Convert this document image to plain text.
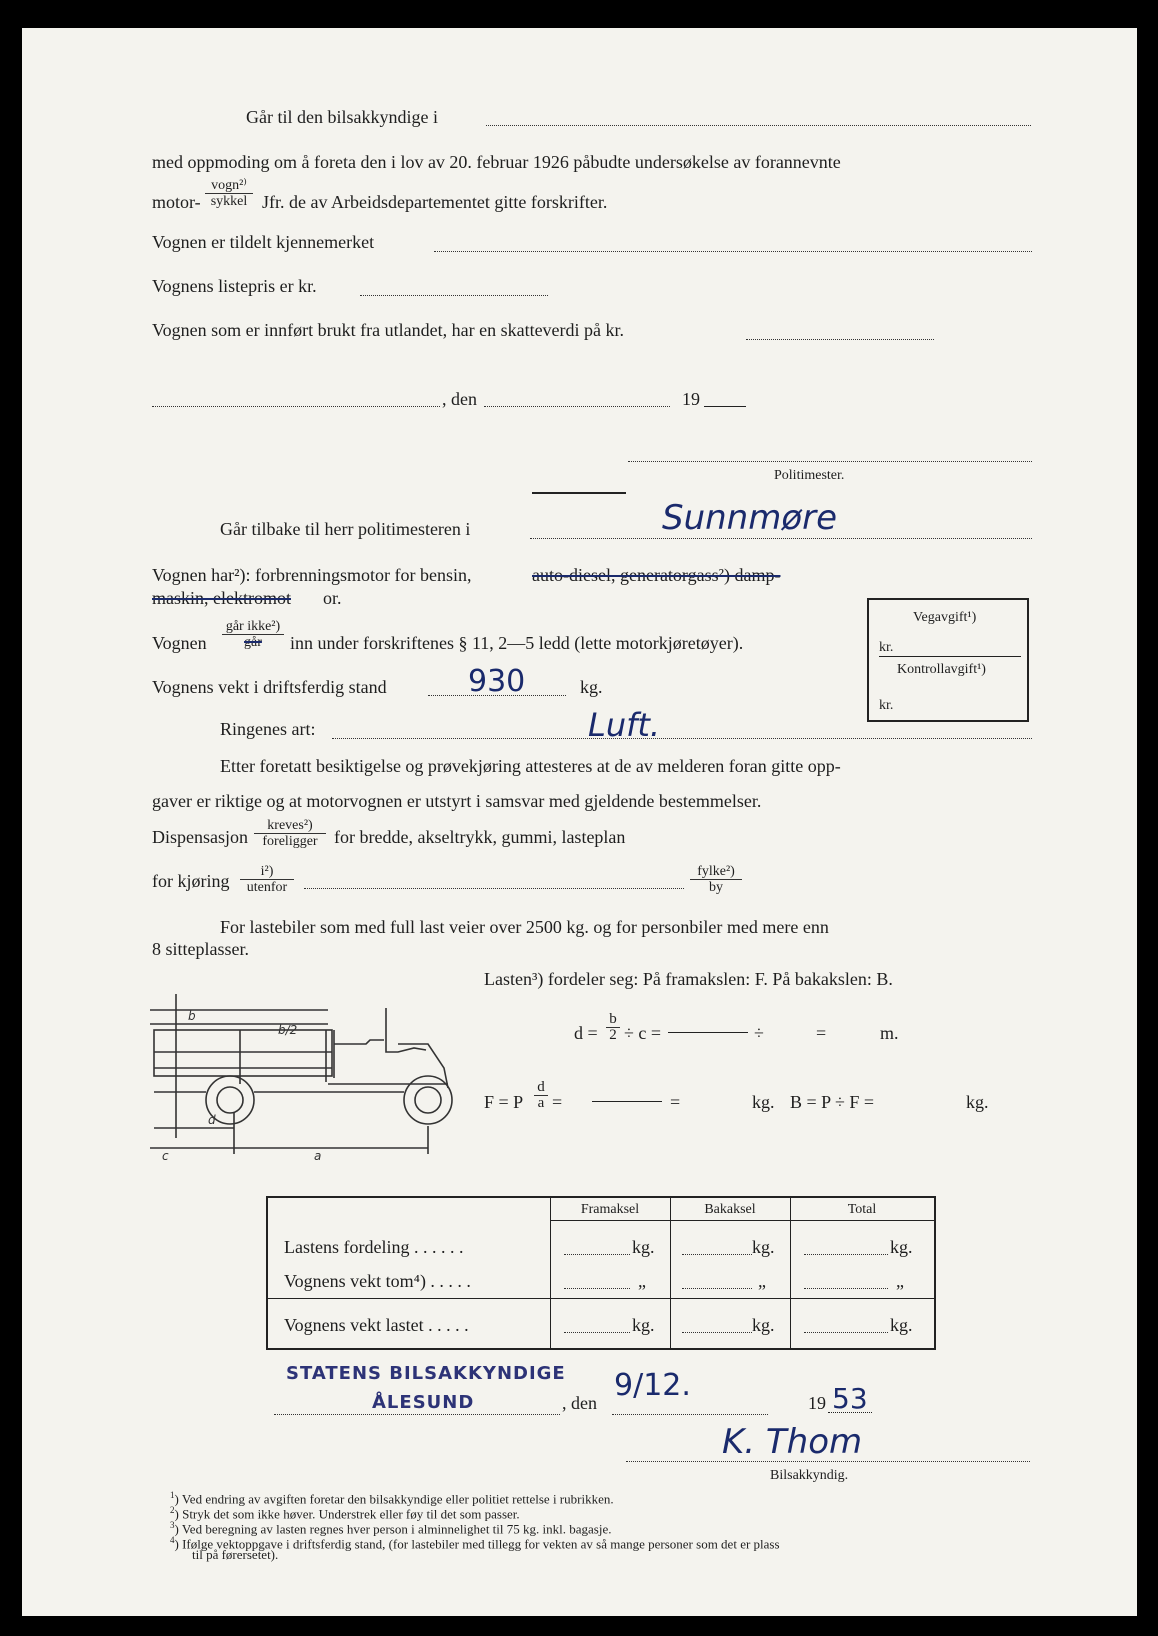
Går til den bilsakkyndige i
med oppmoding om å foreta den i lov av 20. februar 1926 påbudte undersøkelse av forannevnte
motor-
vogn²⁾
sykkel Jfr. de av Arbeidsdepartementet gitte forskrifter.
Vognen er tildelt kjennemerket
Vognens listepris er kr.
Vognen som er innført brukt fra utlandet, har en skatteverdi på kr.
, den	19
Politimester.
Går tilbake til herr politimesteren i	Sunnmøre
Vognen har²): forbrenningsmotor for bensin,	auto-diesel, generatorgass²) damp-
maskin, elektromot or.
Vognen
går ikke²)
går	inn under forskriftenes § 11, 2—5 ledd (lette motorkjøretøyer).
Vognens vekt i driftsferdig stand	930	kg.
Ringenes art:	Luft.
Etter foretatt besiktigelse og prøvekjøring attesteres at de av melderen foran gitte opp-
gaver er riktige og at motorvognen er utstyrt i samsvar med gjeldende bestemmelser.
Dispensasjon
kreves²)
foreligger for bredde, akseltrykk, gummi, lasteplan
for kjøring	i²)
utenfor
fylke²)
by
For lastebiler som med full last veier over 2500 kg. og for personbiler med mere enn
8 sitteplasser.
Vegavgift¹)
kr.
Kontrollavgift¹)
kr.
b
b/2
d
c	a
Lasten³) fordeler seg: På framakslen: F. På bakakslen: B.
$d = \frac{b}{2} \div c$ =	÷	=	m.
F = P $\frac{d}{a}$ =	=	kg. B = P ÷ F =	kg.
Framaksel	Bakaksel	Total
Lastens fordeling . . . . . .	kg.	kg.	kg.
Vognens vekt tom⁴) . . . . .	„	„	„
Vognens vekt lastet . . . . .	kg.	kg.	kg.
STATENS BILSAKKYNDIGE
ÅLESUND	, den 9/12.	19 53
K. Thom
Bilsakkyndig.
$^1$) Ved endring av avgiften foretar den bilsakkyndige eller politiet rettelse i rubrikken.
$^2$) Stryk det som ikke høver. Understrek eller føy til det som passer.
$^3$) Ved beregning av lasten regnes hver person i alminnelighet til 75 kg. inkl. bagasje.
$^4$) Ifølge vektoppgave i driftsferdig stand, (for lastebiler med tillegg for vekten av så mange personer som det er plass
til på førersetet).
